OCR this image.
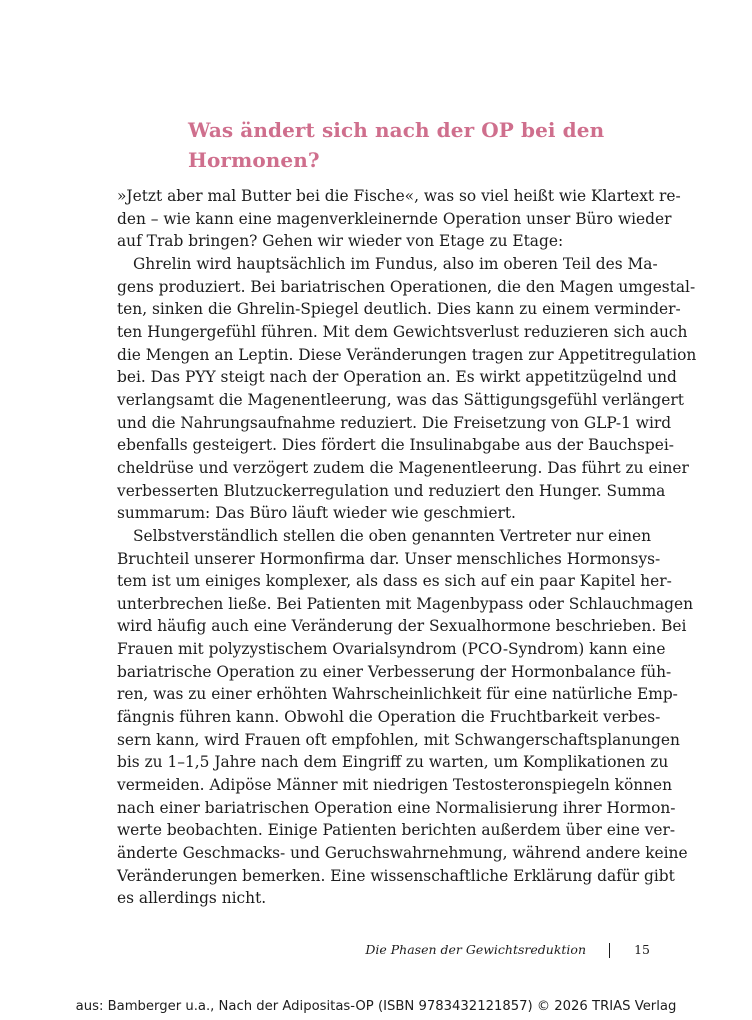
Was ändert sich nach der OP bei den
Hormonen?

»Jetzt aber mal Butter bei die Fische«, was so viel heißt wie Klartext re-
den – wie kann eine magenverkleinernde Operation unser Büro wieder
auf Trab bringen? Gehen wir wieder von Etage zu Etage:

Ghrelin wird hauptsächlich im Fundus, also im oberen Teil des Ma-
gens produziert. Bei bariatrischen Operationen, die den Magen umgestal-
ten, sinken die Ghrelin-Spiegel deutlich. Dies kann zu einem verminder-
ten Hungergefühl führen. Mit dem Gewichtsverlust reduzieren sich auch
die Mengen an Leptin. Diese Veränderungen tragen zur Appetitregulation
bei. Das PYY steigt nach der Operation an. Es wirkt appetitzügelnd und
verlangsamt die Magenentleerung, was das Sättigungsgefühl verlängert
und die Nahrungsaufnahme reduziert. Die Freisetzung von GLP-1 wird
ebenfalls gesteigert. Dies fördert die Insulinabgabe aus der Bauchspei-
cheldrüse und verzögert zudem die Magenentleerung. Das führt zu einer
verbesserten Blutzuckerregulation und reduziert den Hunger. Summa
summarum: Das Büro läuft wieder wie geschmiert.

Selbstverständlich stellen die oben genannten Vertreter nur einen
Bruchteil unserer Hormonfirma dar. Unser menschliches Hormonsys-
tem ist um einiges komplexer, als dass es sich auf ein paar Kapitel her-
unterbrechen ließe. Bei Patienten mit Magenbypass oder Schlauchmagen
wird häufig auch eine Veränderung der Sexualhormone beschrieben. Bei
Frauen mit polyzystischem Ovarialsyndrom (PCO-Syndrom) kann eine
bariatrische Operation zu einer Verbesserung der Hormonbalance füh-
ren, was zu einer erhöhten Wahrscheinlichkeit für eine natürliche Emp-
fängnis führen kann. Obwohl die Operation die Fruchtbarkeit verbes-
sern kann, wird Frauen oft empfohlen, mit Schwangerschaftsplanungen
bis zu 1–1,5 Jahre nach dem Eingriff zu warten, um Komplikationen zu
vermeiden. Adipöse Männer mit niedrigen Testosteronspiegeln können
nach einer bariatrischen Operation eine Normalisierung ihrer Hormon-
werte beobachten. Einige Patienten berichten außerdem über eine ver-
änderte Geschmacks- und Geruchswahrnehmung, während andere keine
Veränderungen bemerken. Eine wissenschaftliche Erklärung dafür gibt
es allerdings nicht.

Die Phasen der Gewichtsreduktion	15
aus: Bamberger u.a., Nach der Adipositas-OP (ISBN 9783432121857) © 2026 TRIAS Verlag
